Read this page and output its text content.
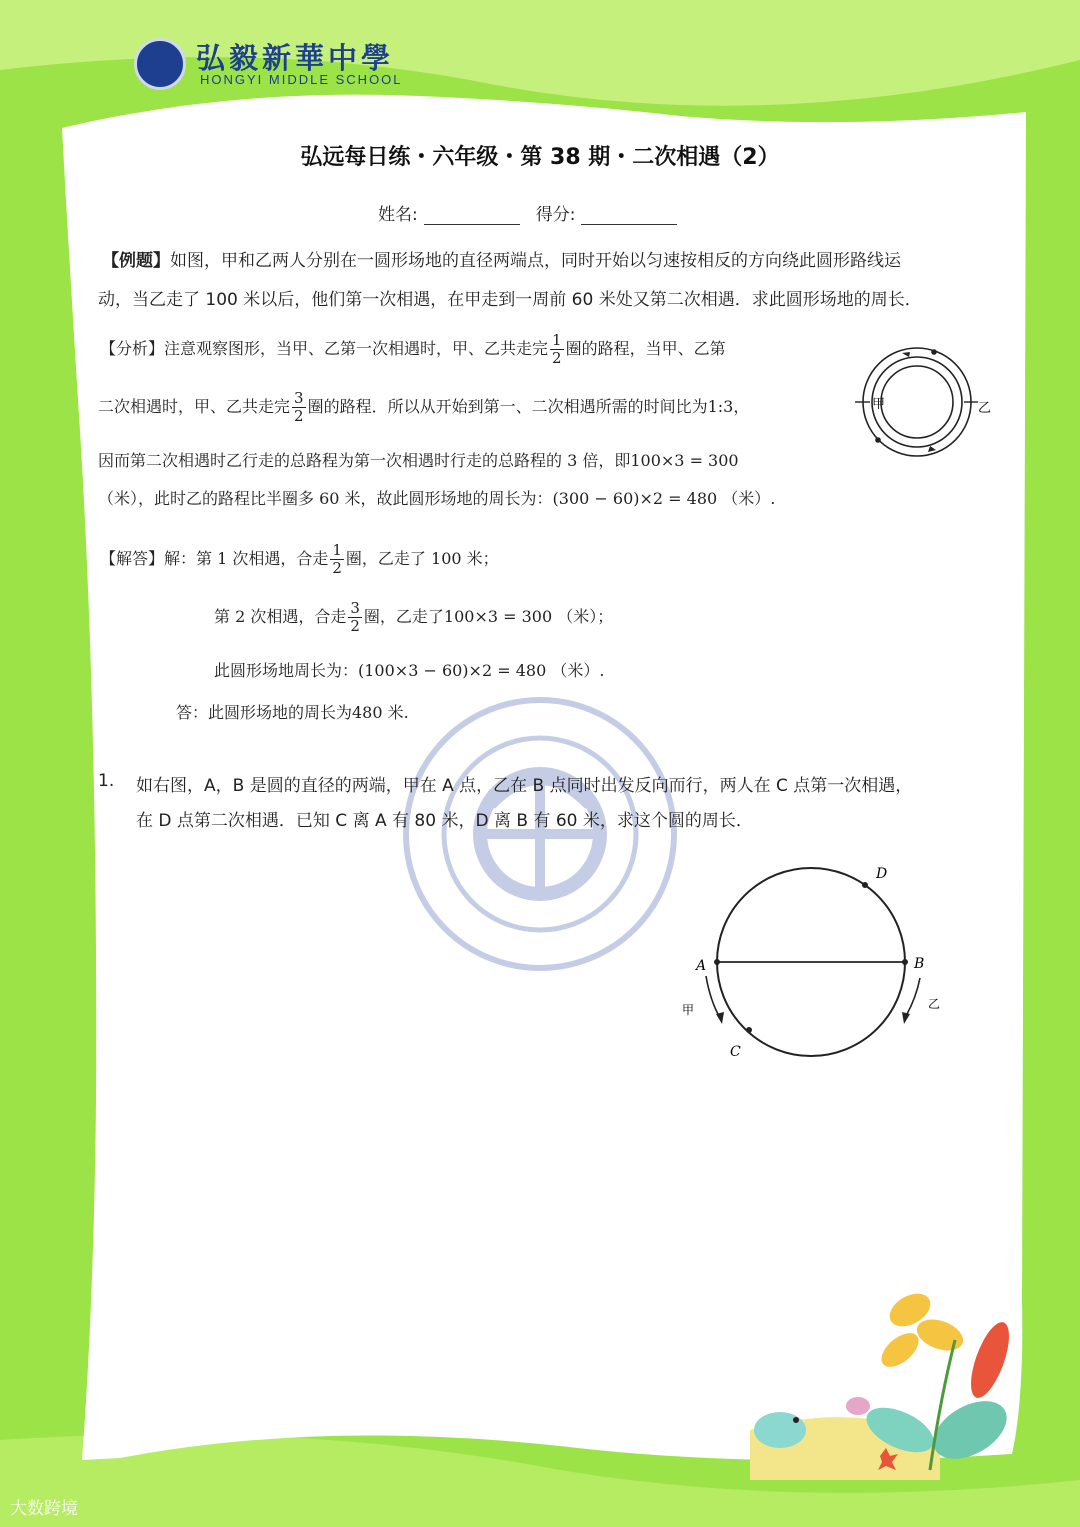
弘毅新華中學
HONGYI MIDDLE SCHOOL
弘远每日练・六年级・第 38 期・二次相遇（2）
姓名:	得分:
【例题】如图，甲和乙两人分别在一圆形场地的直径两端点，同时开始以匀速按相反的方向绕此圆形路线运
动，当乙走了 100 米以后，他们第一次相遇，在甲走到一周前 60 米处又第二次相遇．求此圆形场地的周长．
【分析】注意观察图形，当甲、乙第一次相遇时，甲、乙共走完 $\frac{1}{2}$ 圈的路程，当甲、乙第
二次相遇时，甲、乙共走完 $\frac{3}{2}$ 圈的路程．所以从开始到第一、二次相遇所需的时间比为1:3，
因而第二次相遇时乙行走的总路程为第一次相遇时行走的总路程的 3 倍，即100×3 = 300
（米），此时乙的路程比半圈多 60 米，故此圆形场地的周长为：(300 − 60)×2 = 480 （米）.
甲	乙
【解答】解：第 1 次相遇，合走 $\frac{1}{2}$ 圈，乙走了 100 米；
第 2 次相遇，合走 $\frac{3}{2}$ 圈，乙走了100×3 = 300 （米）；
此圆形场地周长为：(100×3 − 60)×2 = 480 （米）.
答：此圆形场地的周长为480 米.
1. 如右图，A，B 是圆的直径的两端，甲在 A 点，乙在 B 点同时出发反向而行，两人在 C 点第一次相遇，
在 D 点第二次相遇．已知 C 离 A 有 80 米，D 离 B 有 60 米，求这个圆的周长．
A	B
C
D
甲	乙
大数跨境
